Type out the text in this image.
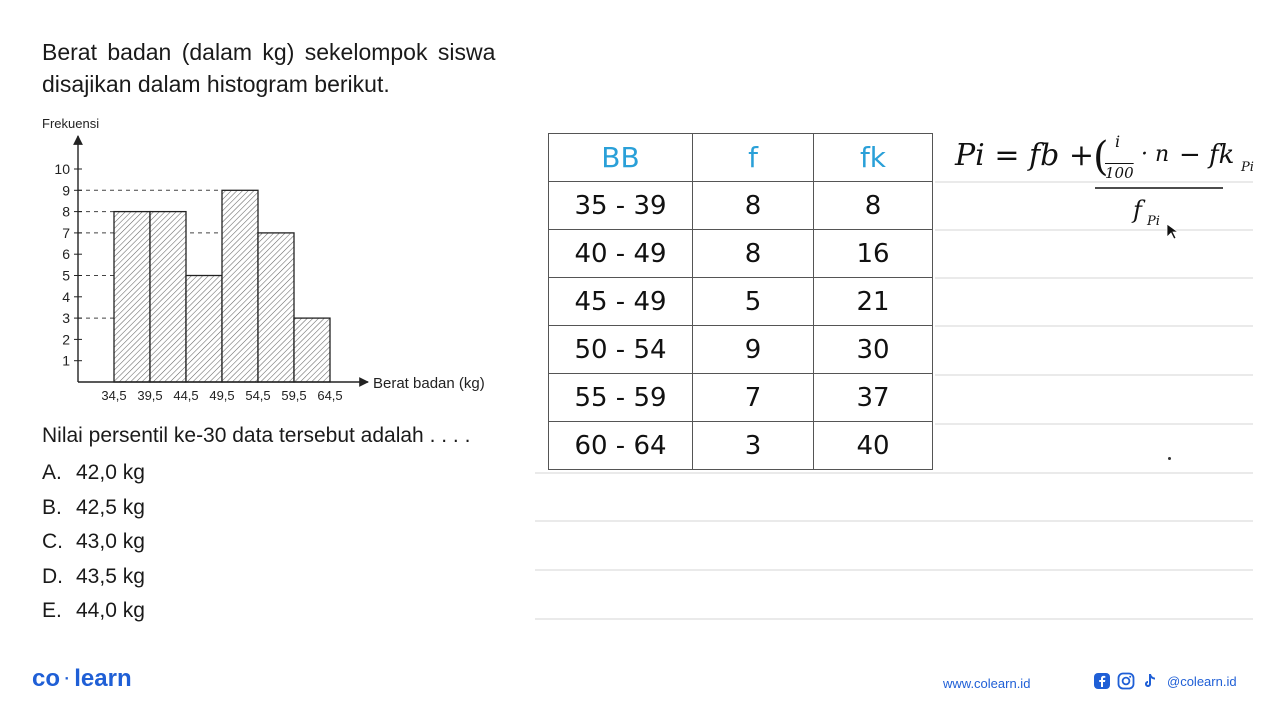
Berat badan (dalam kg) sekelompok siswa
disajikan dalam histogram berikut.
Frekuensi
1
2
3
4
5
6
7
8
9
10
34,5 39,5 44,5 49,5 54,5 59,5 64,5
Berat badan (kg)
Nilai persentil ke-30 data tersebut adalah . . . .
A. 42,0 kg
B. 42,5 kg
C. 43,0 kg
D. 43,5 kg
E. 44,0 kg
BB	f	fk
35 - 39	8	8
40 - 49	8	16
45 - 49	5	21
50 - 54	9	30
55 - 59	7	37
60 - 64	3	40
Pi = fb + ( i
100
· n − fk Pi
f Pi
co · learn	www.colearn.id	@colearn.id
